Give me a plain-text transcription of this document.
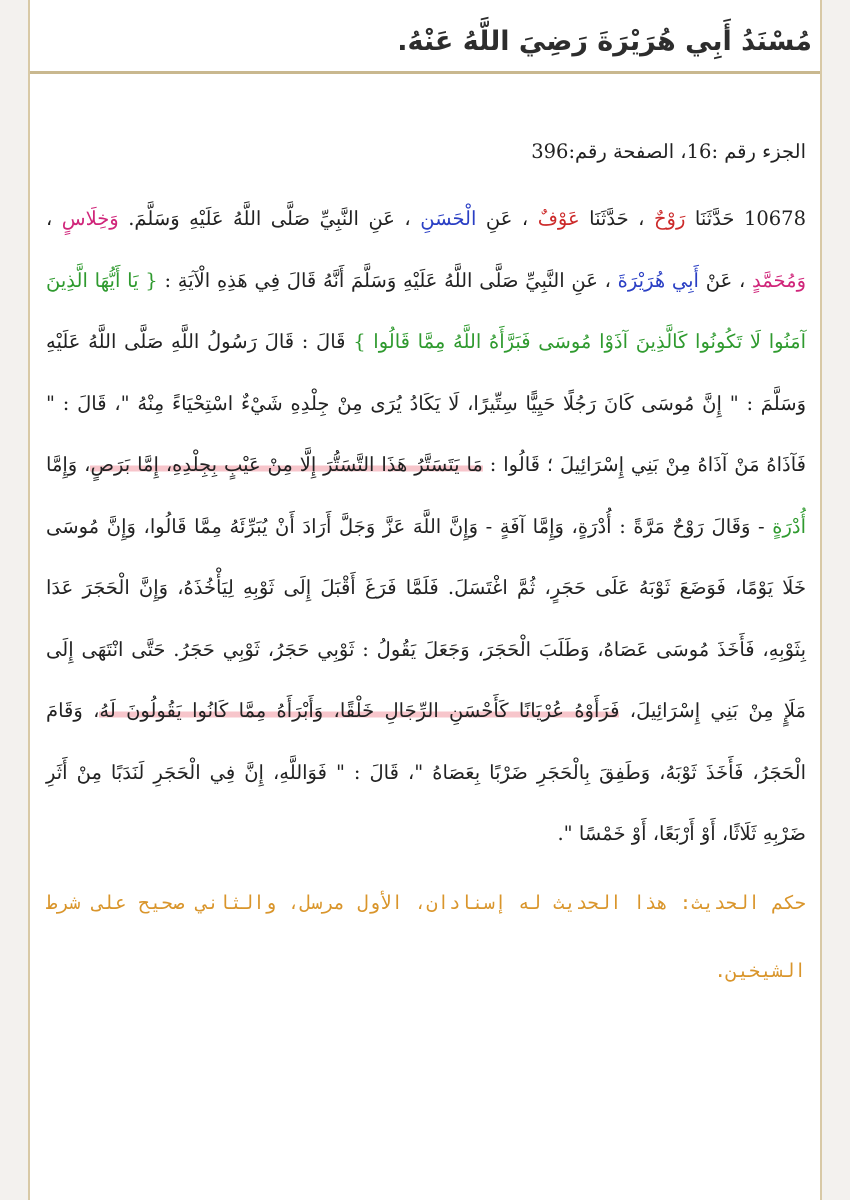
مُسْنَدُ أَبِي هُرَيْرَةَ رَضِيَ اللَّهُ عَنْهُ.

الجزء رقم :16، الصفحة رقم:396

10678 حَدَّثَنَا رَوْحٌ ، حَدَّثَنَا عَوْفٌ ، عَنِ الْحَسَنِ ، عَنِ النَّبِيِّ صَلَّى اللَّهُ عَلَيْهِ وَسَلَّمَ. وَخِلَاسٍ ، وَمُحَمَّدٍ ، عَنْ أَبِي هُرَيْرَةَ ، عَنِ النَّبِيِّ صَلَّى اللَّهُ عَلَيْهِ وَسَلَّمَ أَنَّهُ قَالَ فِي هَذِهِ الْآيَةِ : { يَا أَيُّهَا الَّذِينَ آمَنُوا لَا تَكُونُوا كَالَّذِينَ آذَوْا مُوسَى فَبَرَّأَهُ اللَّهُ مِمَّا قَالُوا } قَالَ : قَالَ رَسُولُ اللَّهِ صَلَّى اللَّهُ عَلَيْهِ وَسَلَّمَ : " إِنَّ مُوسَى كَانَ رَجُلًا حَيِيًّا سِتِّيرًا، لَا يَكَادُ يُرَى مِنْ جِلْدِهِ شَيْءٌ اسْتِحْيَاءً مِنْهُ "، قَالَ : " فَآذَاهُ مَنْ آذَاهُ مِنْ بَنِي إِسْرَائِيلَ ؛ قَالُوا : مَا يَتَسَتَّرُ هَذَا التَّسَتُّرَ إِلَّا مِنْ عَيْبٍ بِجِلْدِهِ، إِمَّا بَرَصٍ، وَإِمَّا أُدْرَةٍ - وَقَالَ رَوْحٌ مَرَّةً : أُدْرَةٍ، وَإِمَّا آفَةٍ - وَإِنَّ اللَّهَ عَزَّ وَجَلَّ أَرَادَ أَنْ يُبَرِّئَهُ مِمَّا قَالُوا، وَإِنَّ مُوسَى خَلَا يَوْمًا، فَوَضَعَ ثَوْبَهُ عَلَى حَجَرٍ، ثُمَّ اغْتَسَلَ. فَلَمَّا فَرَغَ أَقْبَلَ إِلَى ثَوْبِهِ لِيَأْخُذَهُ، وَإِنَّ الْحَجَرَ عَدَا بِثَوْبِهِ، فَأَخَذَ مُوسَى عَصَاهُ، وَطَلَبَ الْحَجَرَ، وَجَعَلَ يَقُولُ : ثَوْبِي حَجَرُ، ثَوْبِي حَجَرُ. حَتَّى انْتَهَى إِلَى مَلَإٍ مِنْ بَنِي إِسْرَائِيلَ، فَرَأَوْهُ عُرْيَانًا كَأَحْسَنِ الرِّجَالِ خَلْقًا، وَأَبْرَأَهُ مِمَّا كَانُوا يَقُولُونَ لَهُ، وَقَامَ الْحَجَرُ، فَأَخَذَ ثَوْبَهُ، وَطَفِقَ بِالْحَجَرِ ضَرْبًا بِعَصَاهُ "، قَالَ : " فَوَاللَّهِ، إِنَّ فِي الْحَجَرِ لَنَدَبًا مِنْ أَثَرِ ضَرْبِهِ ثَلَاثًا، أَوْ أَرْبَعًا، أَوْ خَمْسًا ".

حكم الحديث: هذا الحديث له إسنادان، الأول مرسل، والثاني صحيح على شرط الشيخين.
